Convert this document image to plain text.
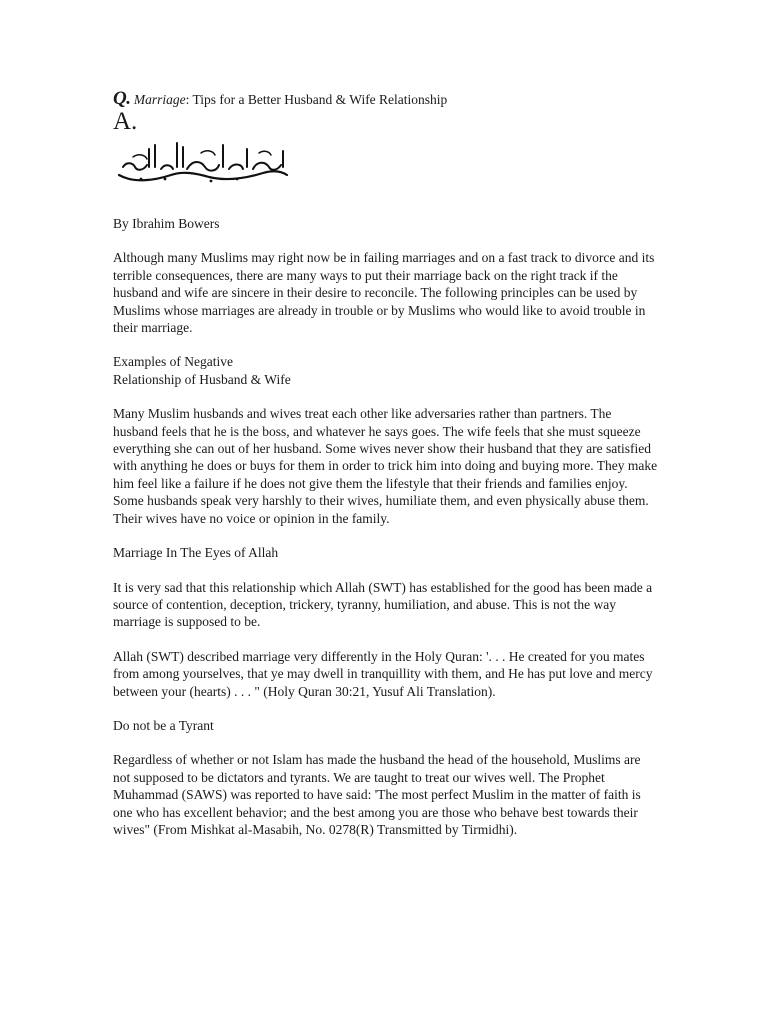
Q. Marriage: Tips for a Better Husband & Wife Relationship

A.

By Ibrahim Bowers

Although many Muslims may right now be in failing marriages and on a fast track to divorce and its terrible consequences, there are many ways to put their marriage back on the right track if the husband and wife are sincere in their desire to reconcile. The following principles can be used by Muslims whose marriages are already in trouble or by Muslims who would like to avoid trouble in their marriage.

Examples of Negative

Relationship of Husband & Wife

Many Muslim husbands and wives treat each other like adversaries rather than partners. The husband feels that he is the boss, and whatever he says goes. The wife feels that she must squeeze everything she can out of her husband. Some wives never show their husband that they are satisfied with anything he does or buys for them in order to trick him into doing and buying more. They make him feel like a failure if he does not give them the lifestyle that their friends and families enjoy. Some husbands speak very harshly to their wives, humiliate them, and even physically abuse them. Their wives have no voice or opinion in the family.

Marriage In The Eyes of Allah

It is very sad that this relationship which Allah (SWT) has established for the good has been made a source of contention, deception, trickery, tyranny, humiliation, and abuse. This is not the way marriage is supposed to be.

Allah (SWT) described marriage very differently in the Holy Quran: '. . . He created for you mates from among yourselves, that ye may dwell in tranquillity with them, and He has put love and mercy between your (hearts) . . . " (Holy Quran 30:21, Yusuf Ali Translation).

Do not be a Tyrant

Regardless of whether or not Islam has made the husband the head of the household, Muslims are not supposed to be dictators and tyrants. We are taught to treat our wives well. The Prophet Muhammad (SAWS) was reported to have said: 'The most perfect Muslim in the matter of faith is one who has excellent behavior; and the best among you are those who behave best towards their wives" (From Mishkat al-Masabih, No. 0278(R) Transmitted by Tirmidhi).
